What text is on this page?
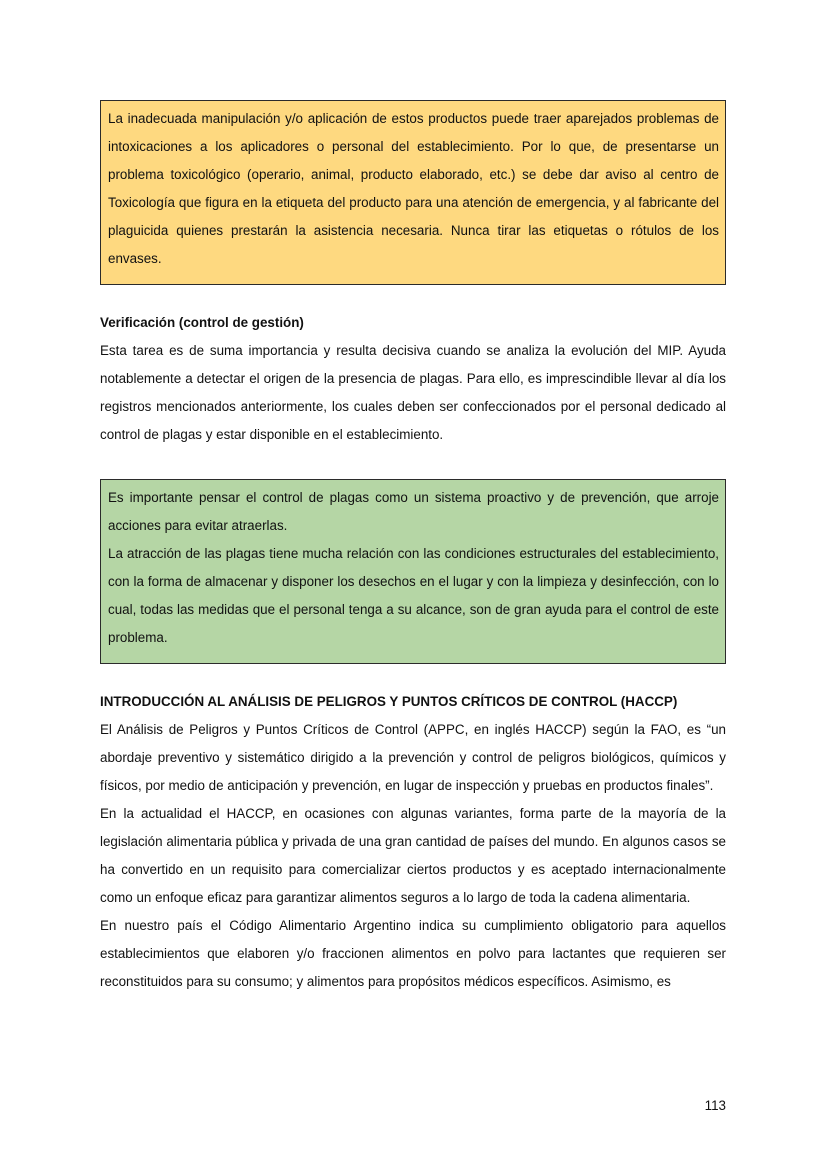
La inadecuada manipulación y/o aplicación de estos productos puede traer aparejados problemas de intoxicaciones a los aplicadores o personal del establecimiento. Por lo que, de presentarse un problema toxicológico (operario, animal, producto elaborado, etc.) se debe dar aviso al centro de Toxicología que figura en la etiqueta del producto para una atención de emergencia, y al fabricante del plaguicida quienes prestarán la asistencia necesaria. Nunca tirar las etiquetas o rótulos de los envases.

Verificación (control de gestión)

Esta tarea es de suma importancia y resulta decisiva cuando se analiza la evolución del MIP. Ayuda notablemente a detectar el origen de la presencia de plagas. Para ello, es imprescindible llevar al día los registros mencionados anteriormente, los cuales deben ser confeccionados por el personal dedicado al control de plagas y estar disponible en el establecimiento.

Es importante pensar el control de plagas como un sistema proactivo y de prevención, que arroje acciones para evitar atraerlas.

La atracción de las plagas tiene mucha relación con las condiciones estructurales del establecimiento, con la forma de almacenar y disponer los desechos en el lugar y con la limpieza y desinfección, con lo cual, todas las medidas que el personal tenga a su alcance, son de gran ayuda para el control de este problema.

INTRODUCCIÓN AL ANÁLISIS DE PELIGROS Y PUNTOS CRÍTICOS DE CONTROL (HACCP)

El Análisis de Peligros y Puntos Críticos de Control (APPC, en inglés HACCP) según la FAO, es “un abordaje preventivo y sistemático dirigido a la prevención y control de peligros biológicos, químicos y físicos, por medio de anticipación y prevención, en lugar de inspección y pruebas en productos finales”.

En la actualidad el HACCP, en ocasiones con algunas variantes, forma parte de la mayoría de la legislación alimentaria pública y privada de una gran cantidad de países del mundo. En algunos casos se ha convertido en un requisito para comercializar ciertos productos y es aceptado internacionalmente como un enfoque eficaz para garantizar alimentos seguros a lo largo de toda la cadena alimentaria.

En nuestro país el Código Alimentario Argentino indica su cumplimiento obligatorio para aquellos establecimientos que elaboren y/o fraccionen alimentos en polvo para lactantes que requieren ser reconstituidos para su consumo; y alimentos para propósitos médicos específicos. Asimismo, es

113
